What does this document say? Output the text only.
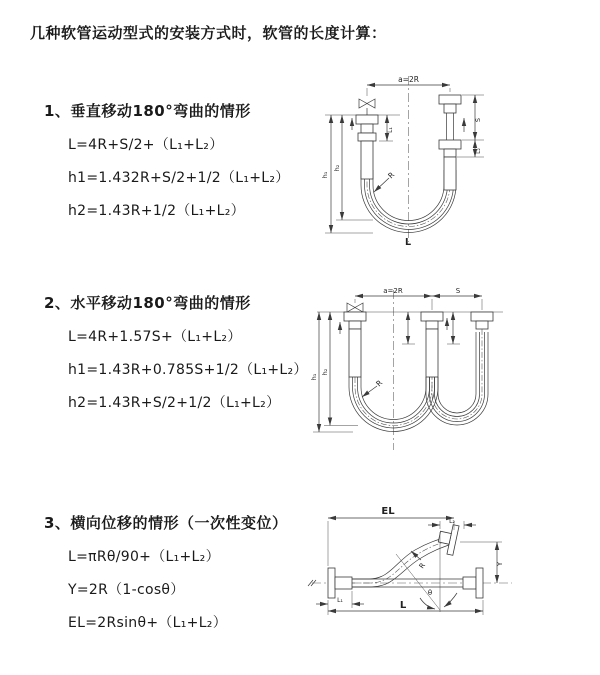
几种软管运动型式的安装方式时，软管的长度计算：
1、垂直移动180°弯曲的情形
L=4R+S/2+（L₁+L₂）
h1=1.432R+S/2+1/2（L₁+L₂）
h2=1.43R+1/2（L₁+L₂）
2、水平移动180°弯曲的情形
L=4R+1.57S+（L₁+L₂）
h1=1.43R+0.785S+1/2（L₁+L₂）
h2=1.43R+S/2+1/2（L₁+L₂）
3、横向位移的情形（一次性变位）
L=πRθ/90+（L₁+L₂）
Y=2R（1-cosθ）
EL=2Rsinθ+（L₁+L₂）
a=2R
h₁
h₂
L₁
S
L₂
R
L
a=2R	S
h₁
h₂
R
θ
R
EL
L₂
Y
L
L₁
